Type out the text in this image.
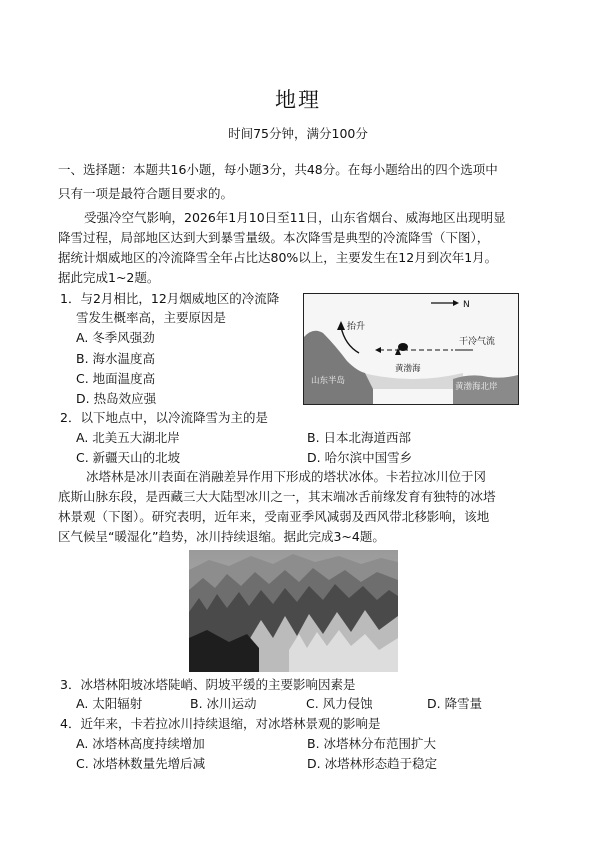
地理
时间75分钟，满分100分
一、选择题：本题共16小题，每小题3分，共48分。在每小题给出的四个选项中
只有一项是最符合题目要求的。
受强冷空气影响，2026年1月10日至11日，山东省烟台、威海地区出现明显
降雪过程，局部地区达到大到暴雪量级。本次降雪是典型的冷流降雪（下图），
据统计烟威地区的冷流降雪全年占比达80%以上，主要发生在12月到次年1月。
据此完成1~2题。
1．与2月相比，12月烟威地区的冷流降
雪发生概率高，主要原因是
A. 冬季风强劲
B. 海水温度高
C. 地面温度高
D. 热岛效应强
N
抬升
干冷气流
黄渤海
山东半岛
黄渤海北岸
2．以下地点中，以冷流降雪为主的是
A. 北美五大湖北岸	B. 日本北海道西部
C. 新疆天山的北坡	D. 哈尔滨中国雪乡
冰塔林是冰川表面在消融差异作用下形成的塔状冰体。卡若拉冰川位于冈
底斯山脉东段，是西藏三大大陆型冰川之一，其末端冰舌前缘发育有独特的冰塔
林景观（下图）。研究表明，近年来，受南亚季风减弱及西风带北移影响，该地
区气候呈“暖湿化”趋势，冰川持续退缩。据此完成3~4题。
3．冰塔林阳坡冰塔陡峭、阴坡平缓的主要影响因素是
A. 太阳辐射	B. 冰川运动	C. 风力侵蚀	D. 降雪量
4．近年来，卡若拉冰川持续退缩，对冰塔林景观的影响是
A. 冰塔林高度持续增加	B. 冰塔林分布范围扩大
C. 冰塔林数量先增后减	D. 冰塔林形态趋于稳定
